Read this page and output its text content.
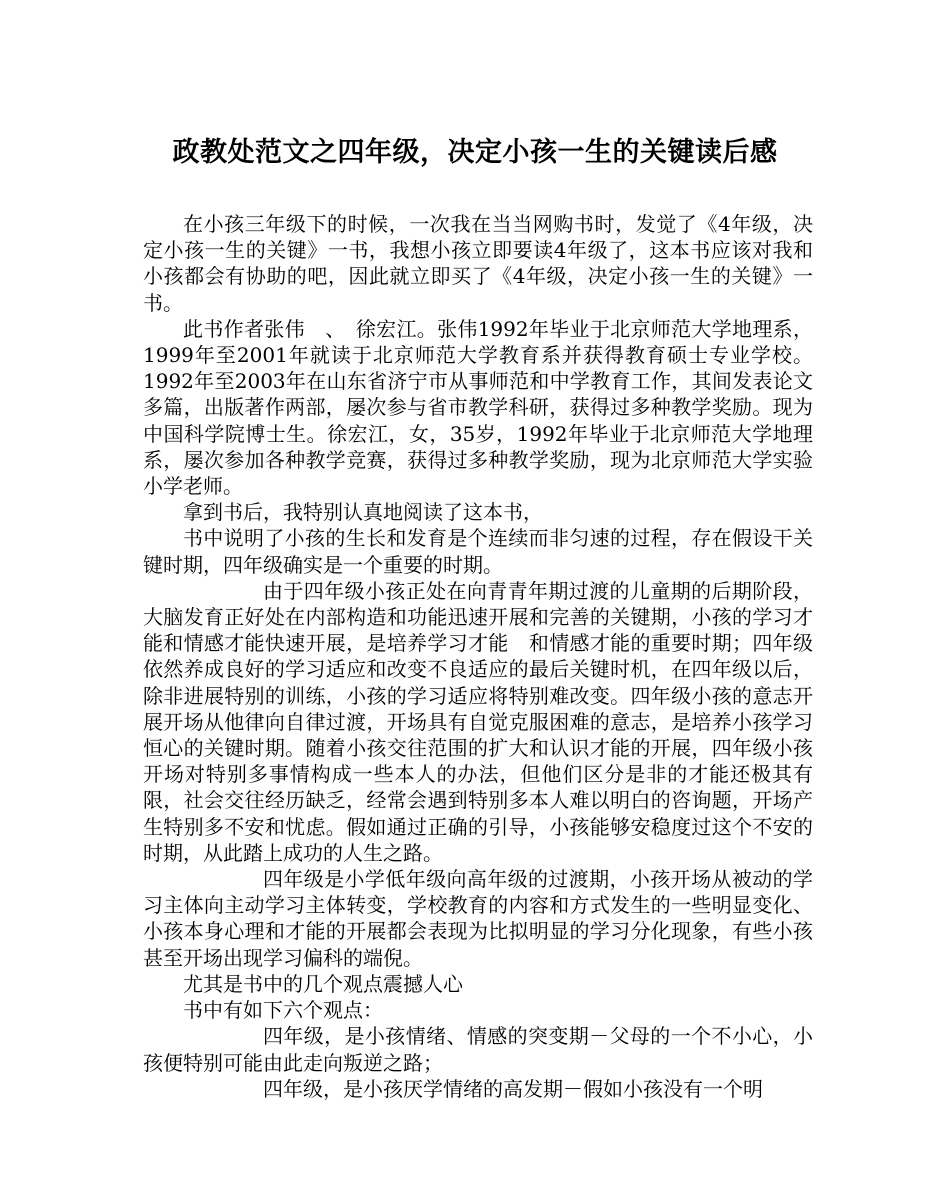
政教处范文之四年级，决定小孩一生的关键读后感

在小孩三年级下的时候，一次我在当当网购书时，发觉了《4年级，决定小孩一生的关键》一书，我想小孩立即要读4年级了，这本书应该对我和小孩都会有协助的吧，因此就立即买了《4年级，决定小孩一生的关键》一书。

此书作者张伟　、　徐宏江。张伟1992年毕业于北京师范大学地理系，1999年至2001年就读于北京师范大学教育系并获得教育硕士专业学校。1992年至2003年在山东省济宁市从事师范和中学教育工作，其间发表论文多篇，出版著作两部，屡次参与省市教学科研，获得过多种教学奖励。现为中国科学院博士生。徐宏江，女，35岁，1992年毕业于北京师范大学地理系，屡次参加各种教学竞赛，获得过多种教学奖励，现为北京师范大学实验小学老师。

拿到书后，我特别认真地阅读了这本书，

书中说明了小孩的生长和发育是个连续而非匀速的过程，存在假设干关键时期，四年级确实是一个重要的时期。

由于四年级小孩正处在向青青年期过渡的儿童期的后期阶段，大脑发育正好处在内部构造和功能迅速开展和完善的关键期，小孩的学习才能和情感才能快速开展，是培养学习才能　和情感才能的重要时期；四年级依然养成良好的学习适应和改变不良适应的最后关键时机，在四年级以后，除非进展特别的训练，小孩的学习适应将特别难改变。四年级小孩的意志开展开场从他律向自律过渡，开场具有自觉克服困难的意志，是培养小孩学习恒心的关键时期。随着小孩交往范围的扩大和认识才能的开展，四年级小孩开场对特别多事情构成一些本人的办法，但他们区分是非的才能还极其有限，社会交往经历缺乏，经常会遇到特别多本人难以明白的咨询题，开场产生特别多不安和忧虑。假如通过正确的引导，小孩能够安稳度过这个不安的时期，从此踏上成功的人生之路。

四年级是小学低年级向高年级的过渡期，小孩开场从被动的学习主体向主动学习主体转变，学校教育的内容和方式发生的一些明显变化、小孩本身心理和才能的开展都会表现为比拟明显的学习分化现象，有些小孩甚至开场出现学习偏科的端倪。

尤其是书中的几个观点震撼人心

书中有如下六个观点：

四年级，是小孩情绪、情感的突变期－父母的一个不小心，小孩便特别可能由此走向叛逆之路；

四年级，是小孩厌学情绪的高发期－假如小孩没有一个明
